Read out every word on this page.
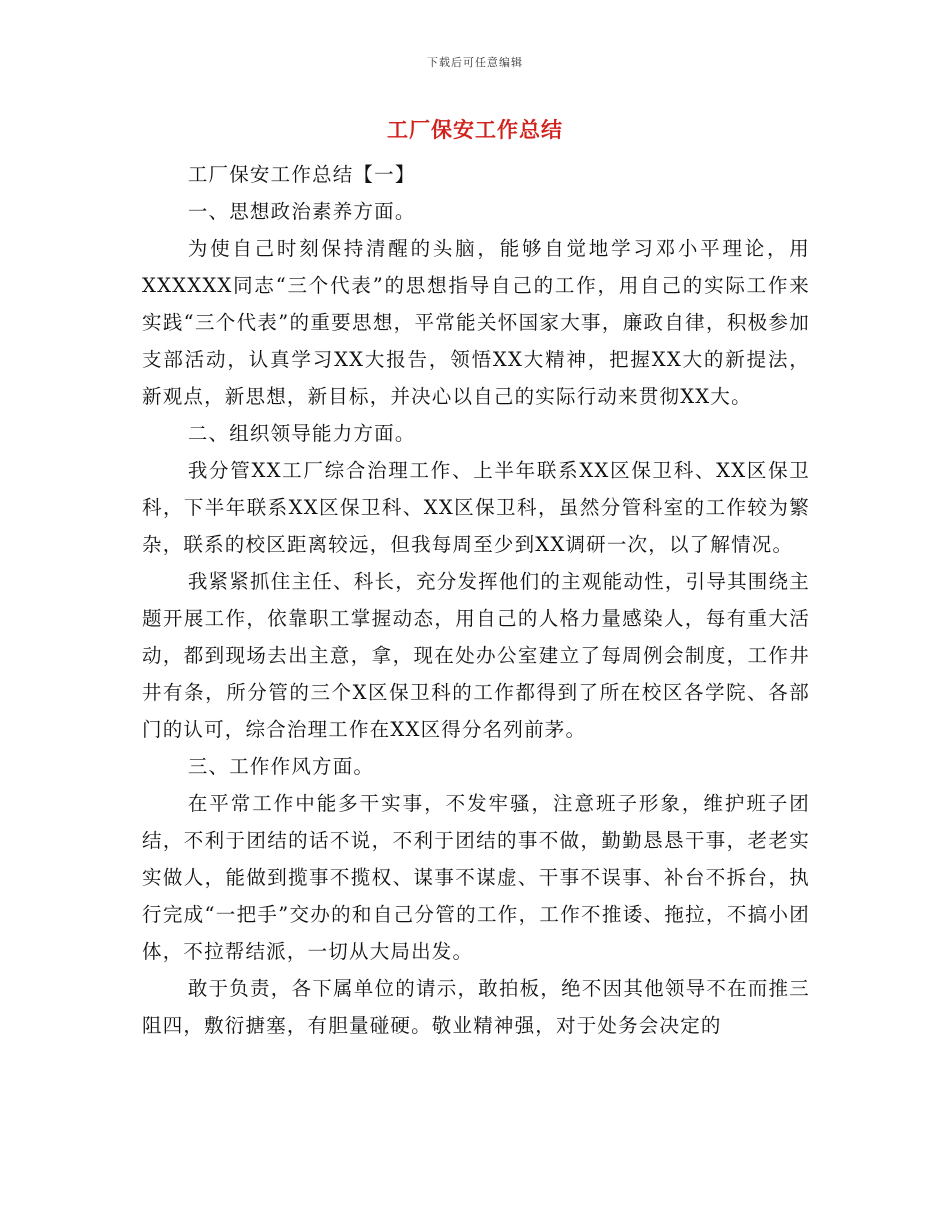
下载后可任意编辑
工厂保安工作总结

工厂保安工作总结【一】

一、思想政治素养方面。

为使自己时刻保持清醒的头脑，能够自觉地学习邓小平理论，用XXXXXX同志“三个代表”的思想指导自己的工作，用自己的实际工作来实践“三个代表”的重要思想，平常能关怀国家大事，廉政自律，积极参加支部活动，认真学习XX大报告，领悟XX大精神，把握XX大的新提法，新观点，新思想，新目标，并决心以自己的实际行动来贯彻XX大。

二、组织领导能力方面。

我分管XX工厂综合治理工作、上半年联系XX区保卫科、XX区保卫科，下半年联系XX区保卫科、XX区保卫科，虽然分管科室的工作较为繁杂，联系的校区距离较远，但我每周至少到XX调研一次，以了解情况。

我紧紧抓住主任、科长，充分发挥他们的主观能动性，引导其围绕主题开展工作，依靠职工掌握动态，用自己的人格力量感染人，每有重大活动，都到现场去出主意，拿，现在处办公室建立了每周例会制度，工作井井有条，所分管的三个X区保卫科的工作都得到了所在校区各学院、各部门的认可，综合治理工作在XX区得分名列前茅。

三、工作作风方面。

在平常工作中能多干实事，不发牢骚，注意班子形象，维护班子团结，不利于团结的话不说，不利于团结的事不做，勤勤恳恳干事，老老实实做人，能做到揽事不揽权、谋事不谋虚、干事不误事、补台不拆台，执行完成“一把手”交办的和自己分管的工作，工作不推诿、拖拉，不搞小团体，不拉帮结派，一切从大局出发。

敢于负责，各下属单位的请示，敢拍板，绝不因其他领导不在而推三阻四，敷衍搪塞，有胆量碰硬。敬业精神强，对于处务会决定的
